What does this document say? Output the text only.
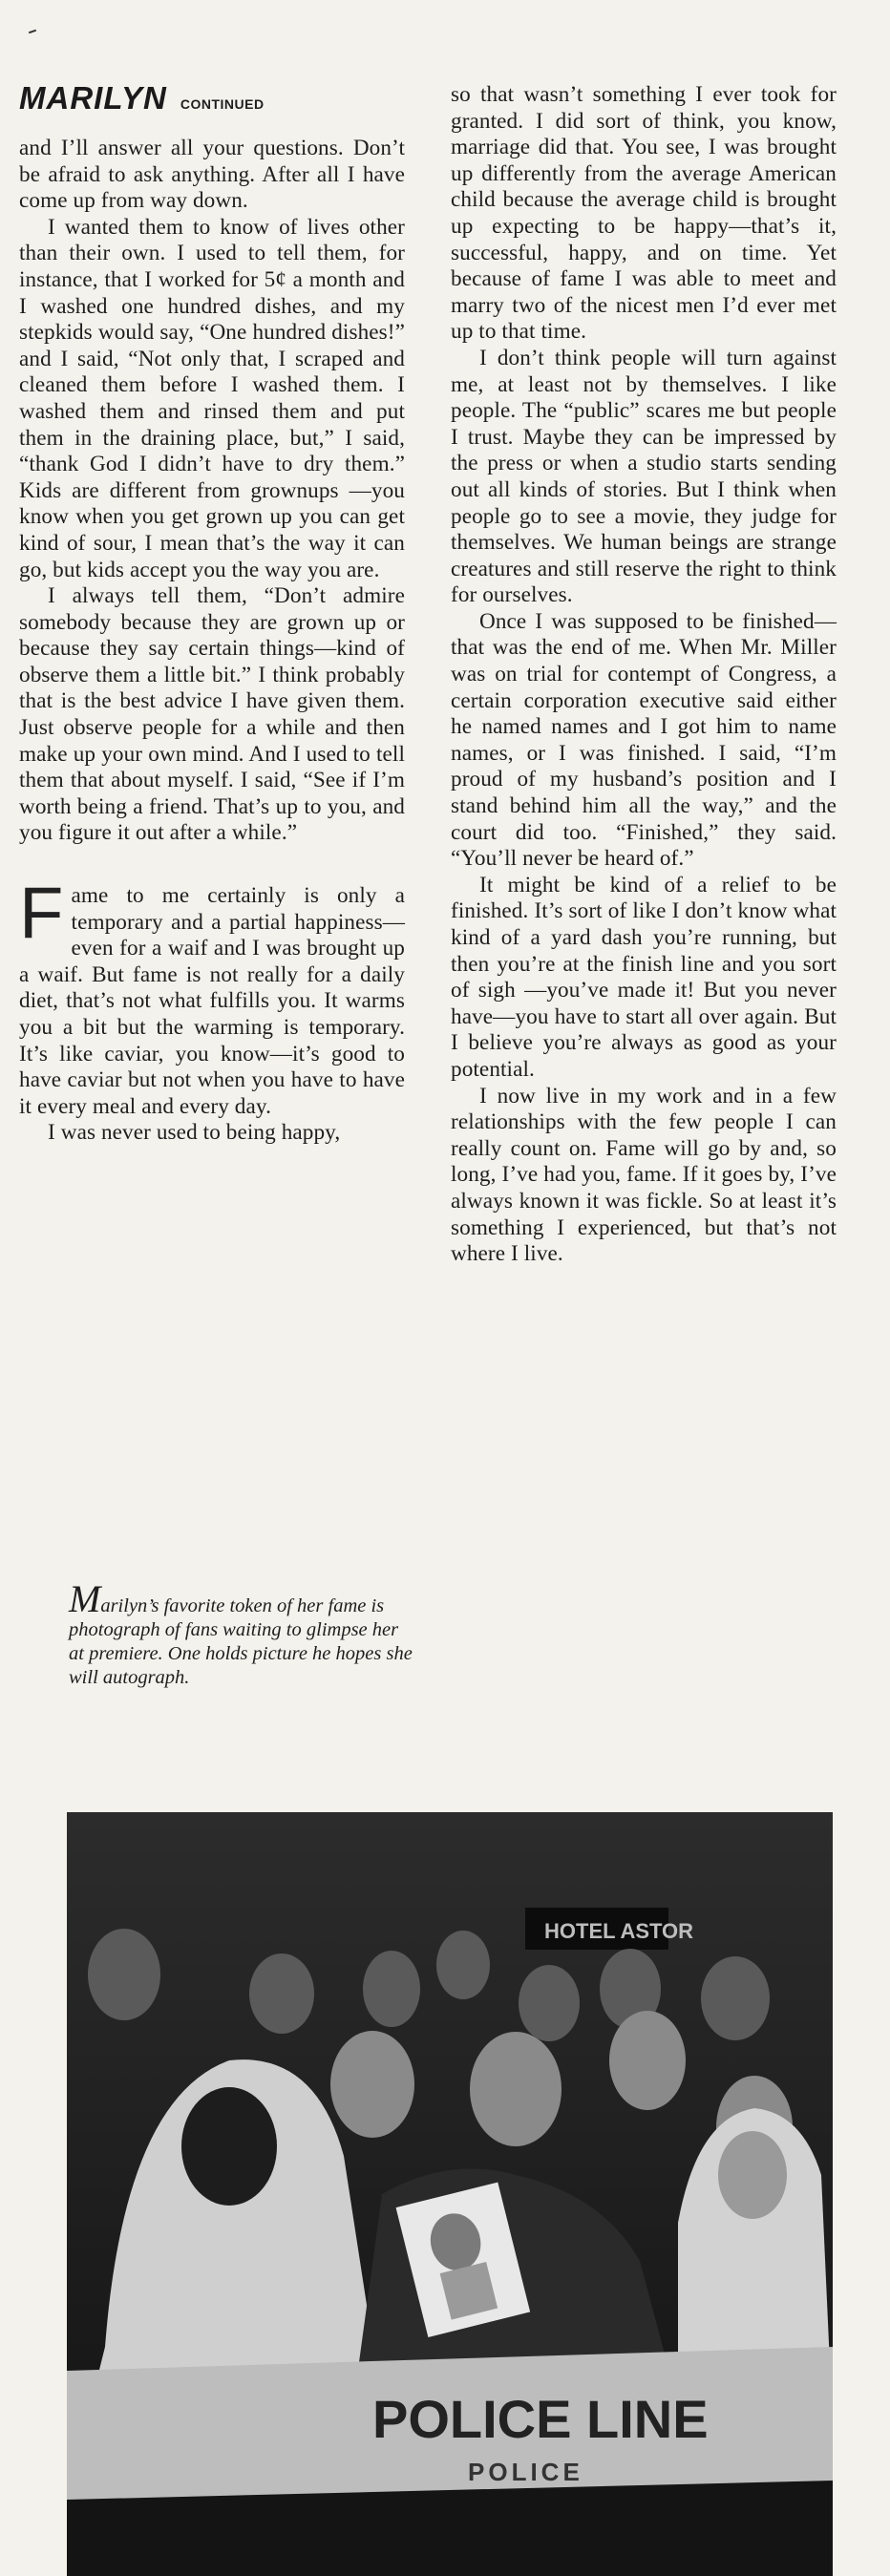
MARILYN CONTINUED

and I’ll answer all your questions. Don’t be afraid to ask anything. After all I have come up from way down.

I wanted them to know of lives other than their own. I used to tell them, for instance, that I worked for 5¢ a month and I washed one hundred dishes, and my stepkids would say, “One hundred dishes!” and I said, “Not only that, I scraped and cleaned them before I washed them. I washed them and rinsed them and put them in the draining place, but,” I said, “thank God I didn’t have to dry them.” Kids are different from grownups —you know when you get grown up you can get kind of sour, I mean that’s the way it can go, but kids accept you the way you are.

I always tell them, “Don’t admire somebody because they are grown up or because they say certain things—kind of observe them a little bit.” I think probably that is the best advice I have given them. Just observe people for a while and then make up your own mind. And I used to tell them that about myself. I said, “See if I’m worth being a friend. That’s up to you, and you figure it out after a while.”

Fame to me certainly is only a temporary and a partial happiness—even for a waif and I was brought up a waif. But fame is not really for a daily diet, that’s not what fulfills you. It warms you a bit but the warming is temporary. It’s like caviar, you know—it’s good to have caviar but not when you have to have it every meal and every day.

I was never used to being happy,

so that wasn’t something I ever took for granted. I did sort of think, you know, marriage did that. You see, I was brought up differently from the average American child because the average child is brought up expecting to be happy—that’s it, successful, happy, and on time. Yet because of fame I was able to meet and marry two of the nicest men I’d ever met up to that time.

I don’t think people will turn against me, at least not by themselves. I like people. The “public” scares me but people I trust. Maybe they can be impressed by the press or when a studio starts sending out all kinds of stories. But I think when people go to see a movie, they judge for themselves. We human beings are strange creatures and still reserve the right to think for ourselves.

Once I was supposed to be finished—that was the end of me. When Mr. Miller was on trial for contempt of Congress, a certain corporation executive said either he named names and I got him to name names, or I was finished. I said, “I’m proud of my husband’s position and I stand behind him all the way,” and the court did too. “Finished,” they said. “You’ll never be heard of.”

It might be kind of a relief to be finished. It’s sort of like I don’t know what kind of a yard dash you’re running, but then you’re at the finish line and you sort of sigh —you’ve made it! But you never have—you have to start all over again. But I believe you’re always as good as your potential.

I now live in my work and in a few relationships with the few people I can really count on. Fame will go by and, so long, I’ve had you, fame. If it goes by, I’ve always known it was fickle. So at least it’s something I experienced, but that’s not where I live.

Marilyn’s favorite token of her fame is photograph of fans waiting to glimpse her at premiere. One holds picture he hopes she will autograph.
HOTEL ASTOR
POLICE LINE
POLICE
